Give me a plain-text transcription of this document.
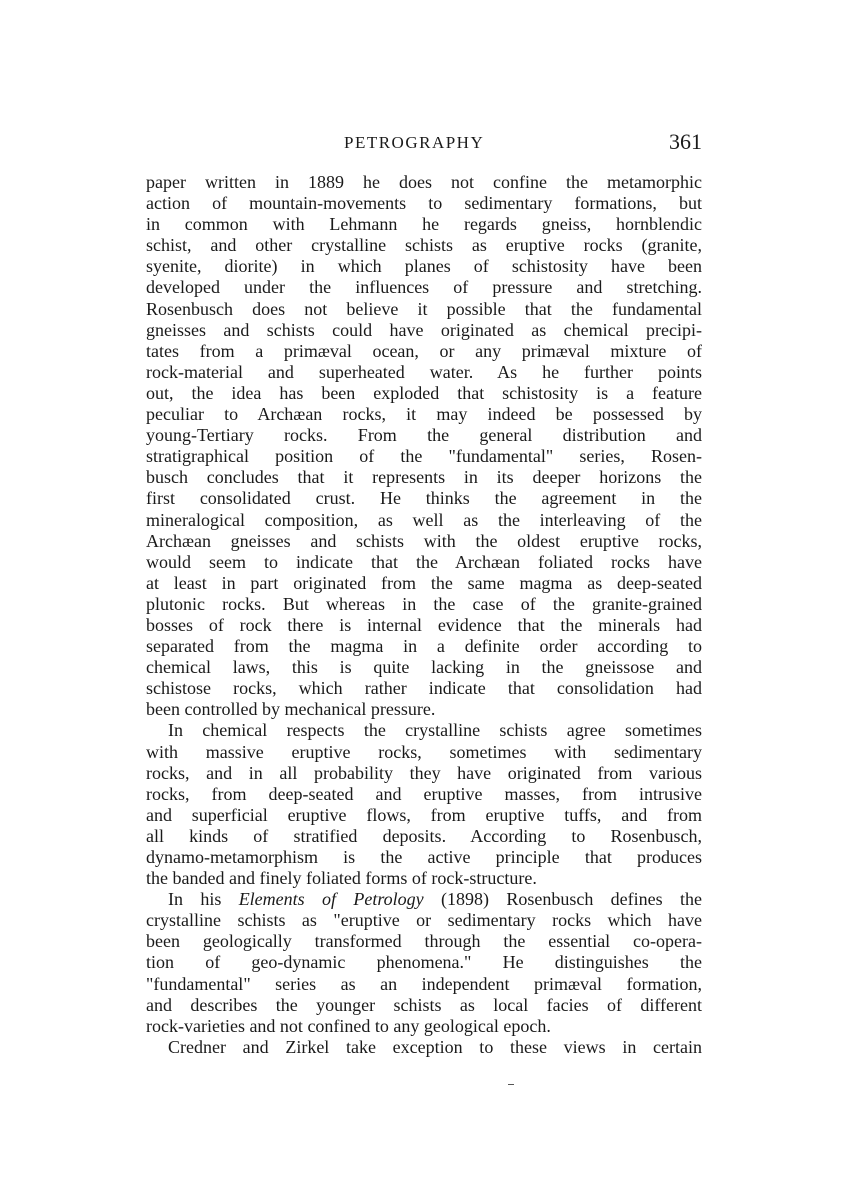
PETROGRAPHY	361
paper written in 1889 he does not confine the metamorphic
action of mountain-movements to sedimentary formations, but
in common with Lehmann he regards gneiss, hornblendic
schist, and other crystalline schists as eruptive rocks (granite,
syenite, diorite) in which planes of schistosity have been
developed under the influences of pressure and stretching.
Rosenbusch does not believe it possible that the fundamental
gneisses and schists could have originated as chemical precipi-
tates from a primæval ocean, or any primæval mixture of
rock-material and superheated water. As he further points
out, the idea has been exploded that schistosity is a feature
peculiar to Archæan rocks, it may indeed be possessed by
young-Tertiary rocks. From the general distribution and
stratigraphical position of the "fundamental" series, Rosen-
busch concludes that it represents in its deeper horizons the
first consolidated crust. He thinks the agreement in the
mineralogical composition, as well as the interleaving of the
Archæan gneisses and schists with the oldest eruptive rocks,
would seem to indicate that the Archæan foliated rocks have
at least in part originated from the same magma as deep-seated
plutonic rocks. But whereas in the case of the granite-grained
bosses of rock there is internal evidence that the minerals had
separated from the magma in a definite order according to
chemical laws, this is quite lacking in the gneissose and
schistose rocks, which rather indicate that consolidation had
been controlled by mechanical pressure.
In chemical respects the crystalline schists agree sometimes
with massive eruptive rocks, sometimes with sedimentary
rocks, and in all probability they have originated from various
rocks, from deep-seated and eruptive masses, from intrusive
and superficial eruptive flows, from eruptive tuffs, and from
all kinds of stratified deposits. According to Rosenbusch,
dynamo-metamorphism is the active principle that produces
the banded and finely foliated forms of rock-structure.
In his Elements of Petrology (1898) Rosenbusch defines the
crystalline schists as "eruptive or sedimentary rocks which have
been geologically transformed through the essential co-opera-
tion of geo-dynamic phenomena." He distinguishes the
"fundamental" series as an independent primæval formation,
and describes the younger schists as local facies of different
rock-varieties and not confined to any geological epoch.
Credner and Zirkel take exception to these views in certain
